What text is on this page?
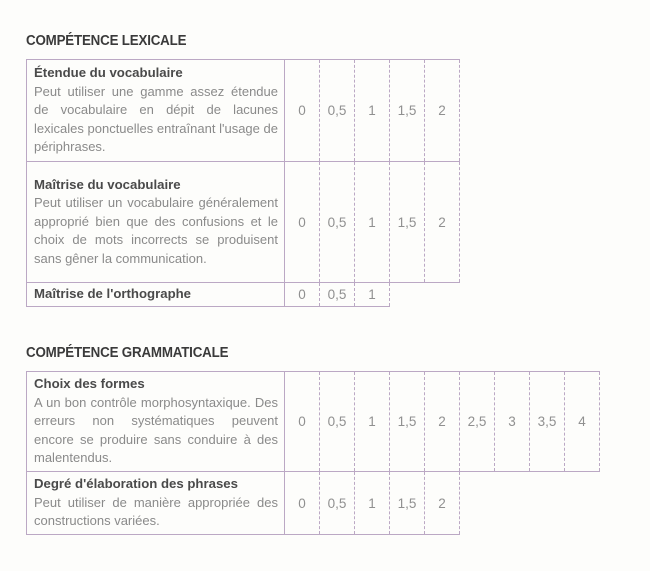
COMPÉTENCE LEXICALE
Étendue du vocabulaire
Peut utiliser une gamme assez étendue de vocabulaire en dépit de lacunes lexicales ponctuelles entraînant l'usage de périphrases.	0	0,5	1	1,5	2

Maîtrise du vocabulaire
Peut utiliser un vocabulaire généralement approprié bien que des confusions et le choix de mots incorrects se produisent sans gêner la communication.	0	0,5	1	1,5	2

Maîtrise de l'orthographe	0	0,5	1		
COMPÉTENCE GRAMMATICALE
Choix des formes
A un bon contrôle morphosyntaxique. Des erreurs non systématiques peuvent encore se produire sans conduire à des malentendus.	0	0,5	1	1,5	2	2,5	3	3,5	4

Degré d'élaboration des phrases
Peut utiliser de manière appropriée des constructions variées.	0	0,5	1	1,5	2				
